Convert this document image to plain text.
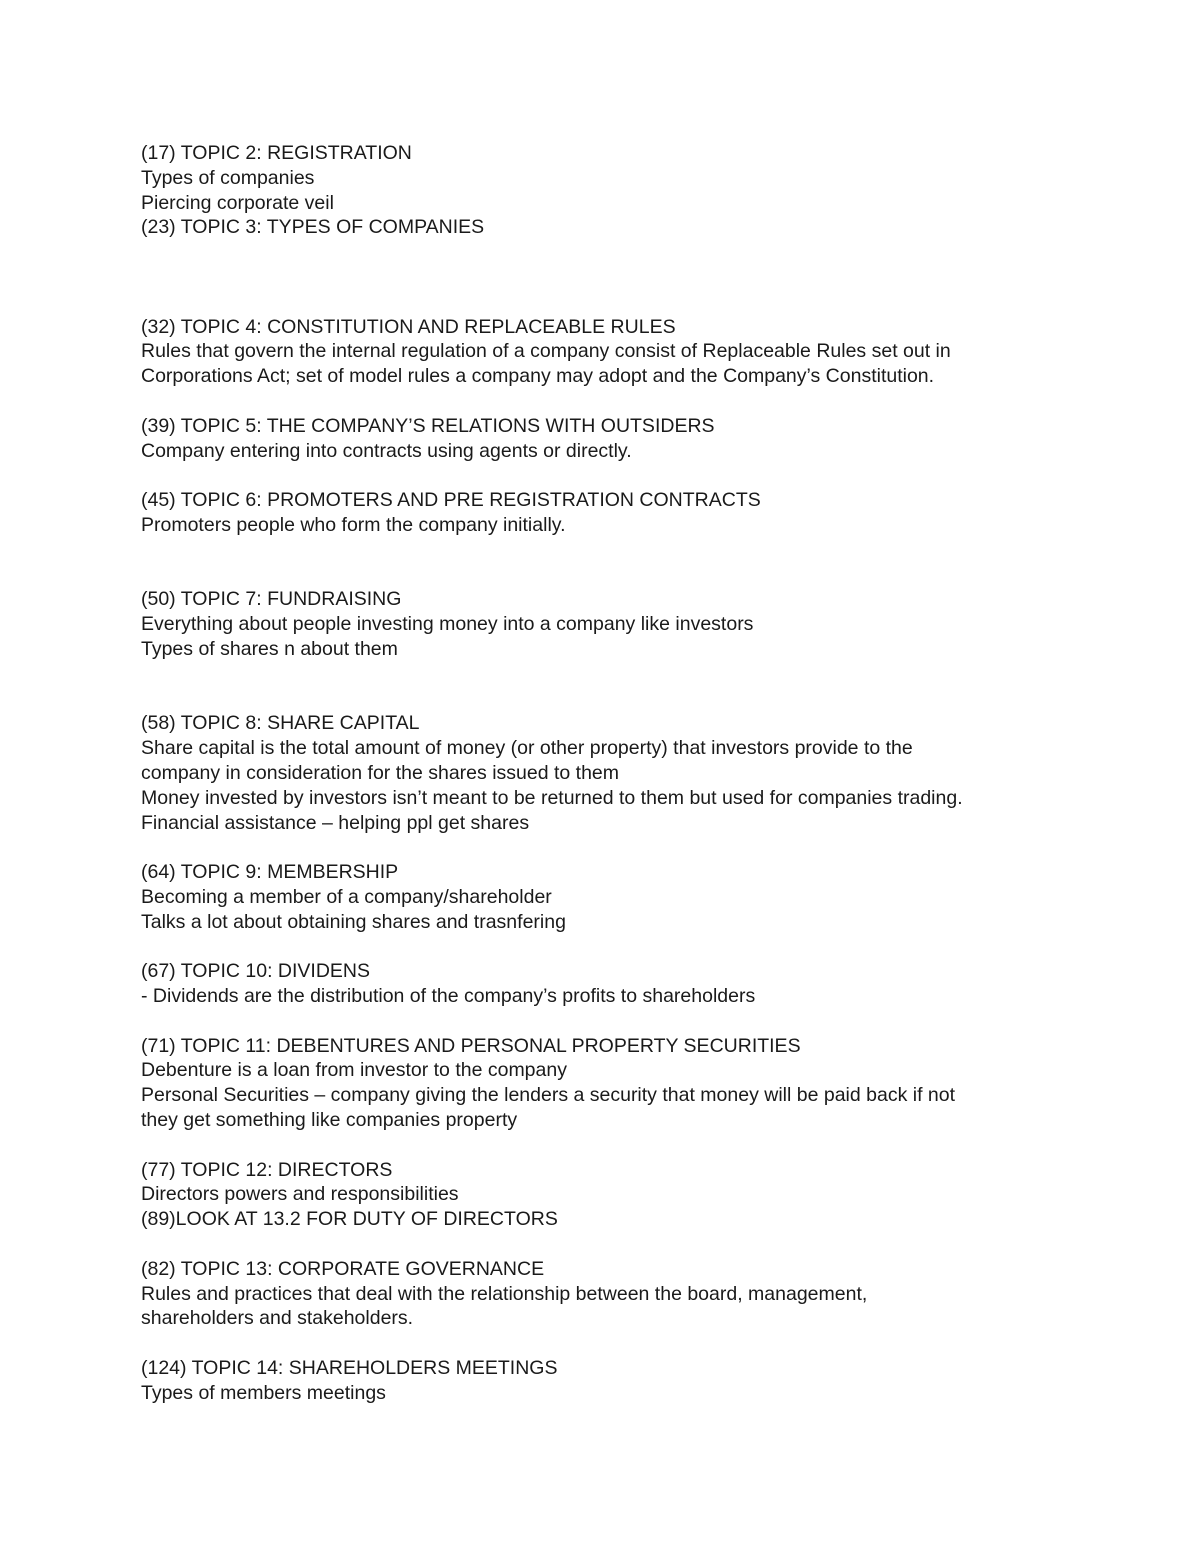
(17) TOPIC 2: REGISTRATION
Types of companies
Piercing corporate veil
(23) TOPIC 3: TYPES OF COMPANIES
(32) TOPIC 4: CONSTITUTION AND REPLACEABLE RULES
Rules that govern the internal regulation of a company consist of Replaceable Rules set out in
Corporations Act; set of model rules a company may adopt and the Company’s Constitution.
(39) TOPIC 5: THE COMPANY’S RELATIONS WITH OUTSIDERS
Company entering into contracts using agents or directly.
(45) TOPIC 6: PROMOTERS AND PRE REGISTRATION CONTRACTS
Promoters people who form the company initially.
(50) TOPIC 7: FUNDRAISING
Everything about people investing money into a company like investors
Types of shares n about them
(58) TOPIC 8: SHARE CAPITAL
Share capital is the total amount of money (or other property) that investors provide to the
company in consideration for the shares issued to them
Money invested by investors isn’t meant to be returned to them but used for companies trading.
Financial assistance – helping ppl get shares
(64) TOPIC 9: MEMBERSHIP
Becoming a member of a company/shareholder
Talks a lot about obtaining shares and trasnfering
(67) TOPIC 10: DIVIDENS
- Dividends are the distribution of the company’s profits to shareholders
(71) TOPIC 11: DEBENTURES AND PERSONAL PROPERTY SECURITIES
Debenture is a loan from investor to the company
Personal Securities – company giving the lenders a security that money will be paid back if not
they get something like companies property
(77) TOPIC 12: DIRECTORS
Directors powers and responsibilities
(89)LOOK AT 13.2 FOR DUTY OF DIRECTORS
(82) TOPIC 13: CORPORATE GOVERNANCE
Rules and practices that deal with the relationship between the board, management,
shareholders and stakeholders.
(124) TOPIC 14: SHAREHOLDERS MEETINGS
Types of members meetings
